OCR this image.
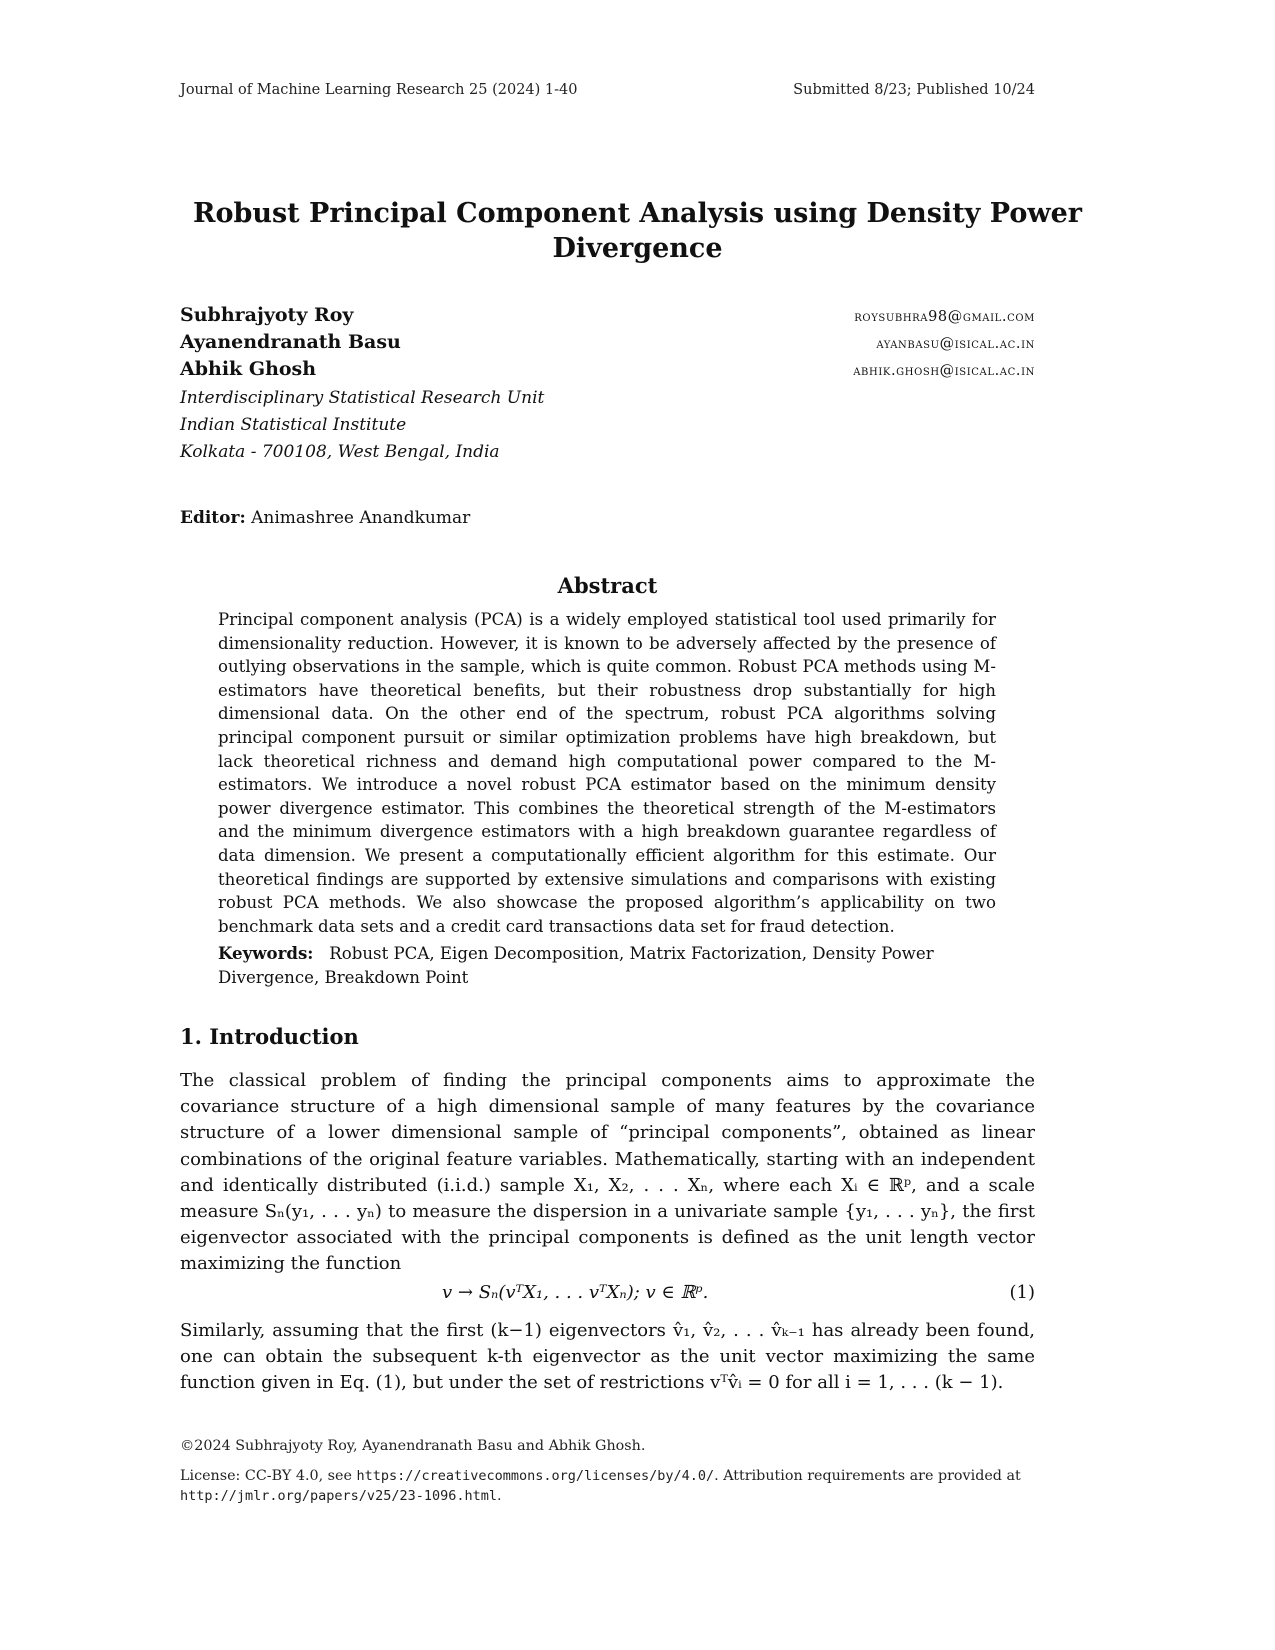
Journal of Machine Learning Research 25 (2024) 1-40	Submitted 8/23; Published 10/24
Robust Principal Component Analysis using Density Power Divergence
Subhrajyoty Roy	roysubhra98@gmail.com
Ayanendranath Basu	ayanbasu@isical.ac.in
Abhik Ghosh	abhik.ghosh@isical.ac.in
Interdisciplinary Statistical Research Unit
Indian Statistical Institute
Kolkata - 700108, West Bengal, India
Editor: Animashree Anandkumar
Abstract
Principal component analysis (PCA) is a widely employed statistical tool used primarily for dimensionality reduction. However, it is known to be adversely affected by the presence of outlying observations in the sample, which is quite common. Robust PCA methods using M-estimators have theoretical benefits, but their robustness drop substantially for high dimensional data. On the other end of the spectrum, robust PCA algorithms solving principal component pursuit or similar optimization problems have high breakdown, but lack theoretical richness and demand high computational power compared to the M-estimators. We introduce a novel robust PCA estimator based on the minimum density power divergence estimator. This combines the theoretical strength of the M-estimators and the minimum divergence estimators with a high breakdown guarantee regardless of data dimension. We present a computationally efficient algorithm for this estimate. Our theoretical findings are supported by extensive simulations and comparisons with existing robust PCA methods. We also showcase the proposed algorithm’s applicability on two benchmark data sets and a credit card transactions data set for fraud detection.
Keywords: Robust PCA, Eigen Decomposition, Matrix Factorization, Density Power Divergence, Breakdown Point
1. Introduction
The classical problem of finding the principal components aims to approximate the covariance structure of a high dimensional sample of many features by the covariance structure of a lower dimensional sample of “principal components”, obtained as linear combinations of the original feature variables. Mathematically, starting with an independent and identically distributed (i.i.d.) sample X₁, X₂, . . . Xₙ, where each Xᵢ ∈ ℝᵖ, and a scale measure Sₙ(y₁, . . . yₙ) to measure the dispersion in a univariate sample {y₁, . . . yₙ}, the first eigenvector associated with the principal components is defined as the unit length vector maximizing the function
v → Sₙ(vᵀX₁, . . . vᵀXₙ); v ∈ ℝᵖ.	(1)
Similarly, assuming that the first (k−1) eigenvectors v̂₁, v̂₂, . . . v̂ₖ₋₁ has already been found, one can obtain the subsequent k-th eigenvector as the unit vector maximizing the same function given in Eq. (1), but under the set of restrictions vᵀv̂ᵢ = 0 for all i = 1, . . . (k − 1).
©2024 Subhrajyoty Roy, Ayanendranath Basu and Abhik Ghosh.
License: CC-BY 4.0, see https://creativecommons.org/licenses/by/4.0/. Attribution requirements are provided at http://jmlr.org/papers/v25/23-1096.html.
